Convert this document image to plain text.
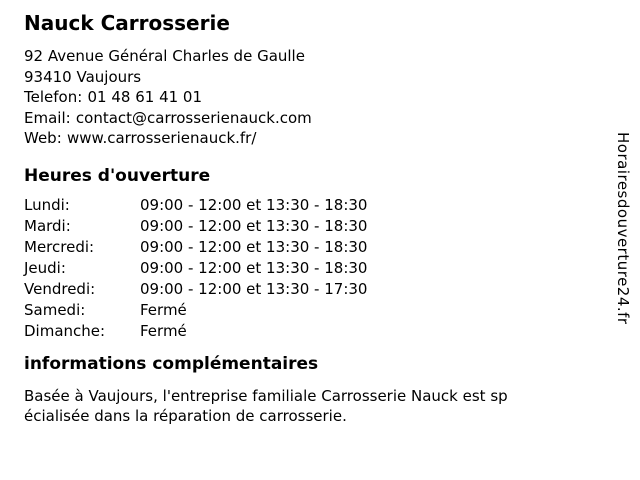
Nauck Carrosserie
92 Avenue Général Charles de Gaulle
93410 Vaujours
Telefon: 01 48 61 41 01
Email: contact@carrosserienauck.com
Web: www.carrosserienauck.fr/
Heures d'ouverture
Lundi:	09:00 - 12:00 et 13:30 - 18:30
Mardi:	09:00 - 12:00 et 13:30 - 18:30
Mercredi:	09:00 - 12:00 et 13:30 - 18:30
Jeudi:	09:00 - 12:00 et 13:30 - 18:30
Vendredi:	09:00 - 12:00 et 13:30 - 17:30
Samedi:	Fermé
Dimanche:	Fermé
informations complémentaires
Basée à Vaujours, l'entreprise familiale Carrosserie Nauck est sp
écialisée dans la réparation de carrosserie.
Horairesdouverture24.fr
